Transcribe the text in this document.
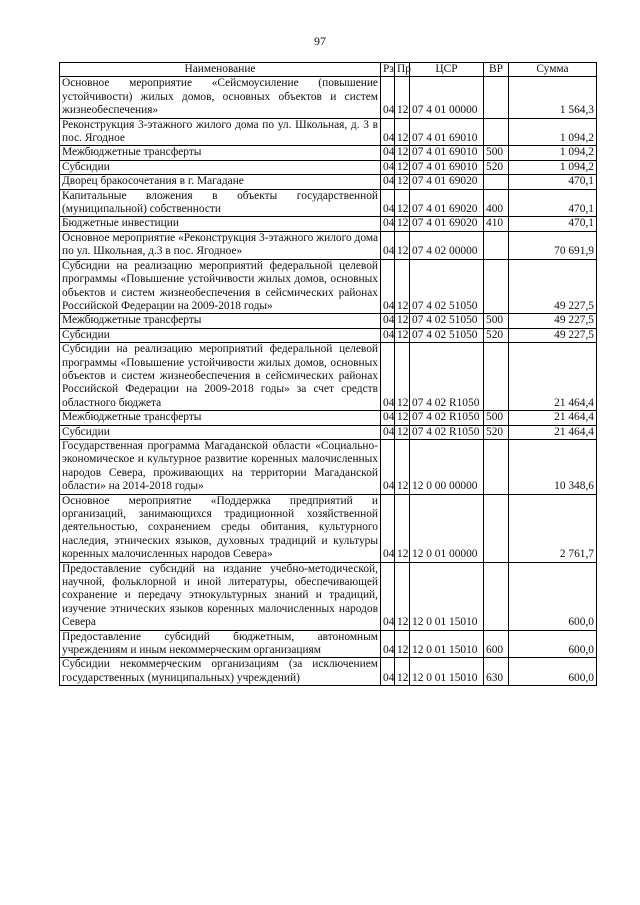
97
Наименование	Рз	Пр	ЦСР	ВР	Сумма
Основное мероприятие «Сейсмоусиление (повышение устойчивости) жилых домов, основных объектов и систем жизнеобеспечения»	04	12	07 4 01 00000		1 564,3
Реконструкция 3-этажного жилого дома по ул. Школьная, д. 3 в пос. Ягодное	04	12	07 4 01 69010		1 094,2
Межбюджетные трансферты	04	12	07 4 01 69010	500	1 094,2
Субсидии	04	12	07 4 01 69010	520	1 094,2
Дворец бракосочетания в г. Магадане	04	12	07 4 01 69020		470,1
Капитальные вложения в объекты государственной (муниципальной) собственности	04	12	07 4 01 69020	400	470,1
Бюджетные инвестиции	04	12	07 4 01 69020	410	470,1
Основное мероприятие «Реконструкция 3-этажного жилого дома по ул. Школьная, д.3 в пос. Ягодное»	04	12	07 4 02 00000		70 691,9
Субсидии на реализацию мероприятий федеральной целевой программы «Повышение устойчивости жилых домов, основных объектов и систем жизнеобеспечения в сейсмических районах Российской Федерации на 2009-2018 годы»	04	12	07 4 02 51050		49 227,5
Межбюджетные трансферты	04	12	07 4 02 51050	500	49 227,5
Субсидии	04	12	07 4 02 51050	520	49 227,5
Субсидии на реализацию мероприятий федеральной целевой программы «Повышение устойчивости жилых домов, основных объектов и систем жизнеобеспечения в сейсмических районах Российской Федерации на 2009-2018 годы» за счет средств областного бюджета	04	12	07 4 02 R1050		21 464,4
Межбюджетные трансферты	04	12	07 4 02 R1050	500	21 464,4
Субсидии	04	12	07 4 02 R1050	520	21 464,4
Государственная программа Магаданской области «Социально-экономическое и культурное развитие коренных малочисленных народов Севера, проживающих на территории Магаданской области» на 2014-2018 годы»	04	12	12 0 00 00000		10 348,6
Основное мероприятие «Поддержка предприятий и организаций, занимающихся традиционной хозяйственной деятельностью, сохранением среды обитания, культурного наследия, этнических языков, духовных традиций и культуры коренных малочисленных народов Севера»	04	12	12 0 01 00000		2 761,7
Предоставление субсидий на издание учебно-методической, научной, фольклорной и иной литературы, обеспечивающей сохранение и передачу этнокультурных знаний и традиций, изучение этнических языков коренных малочисленных народов Севера	04	12	12 0 01 15010		600,0
Предоставление субсидий бюджетным, автономным учреждениям и иным некоммерческим организациям	04	12	12 0 01 15010	600	600,0
Субсидии некоммерческим организациям (за исключением государственных (муниципальных) учреждений)	04	12	12 0 01 15010	630	600,0
